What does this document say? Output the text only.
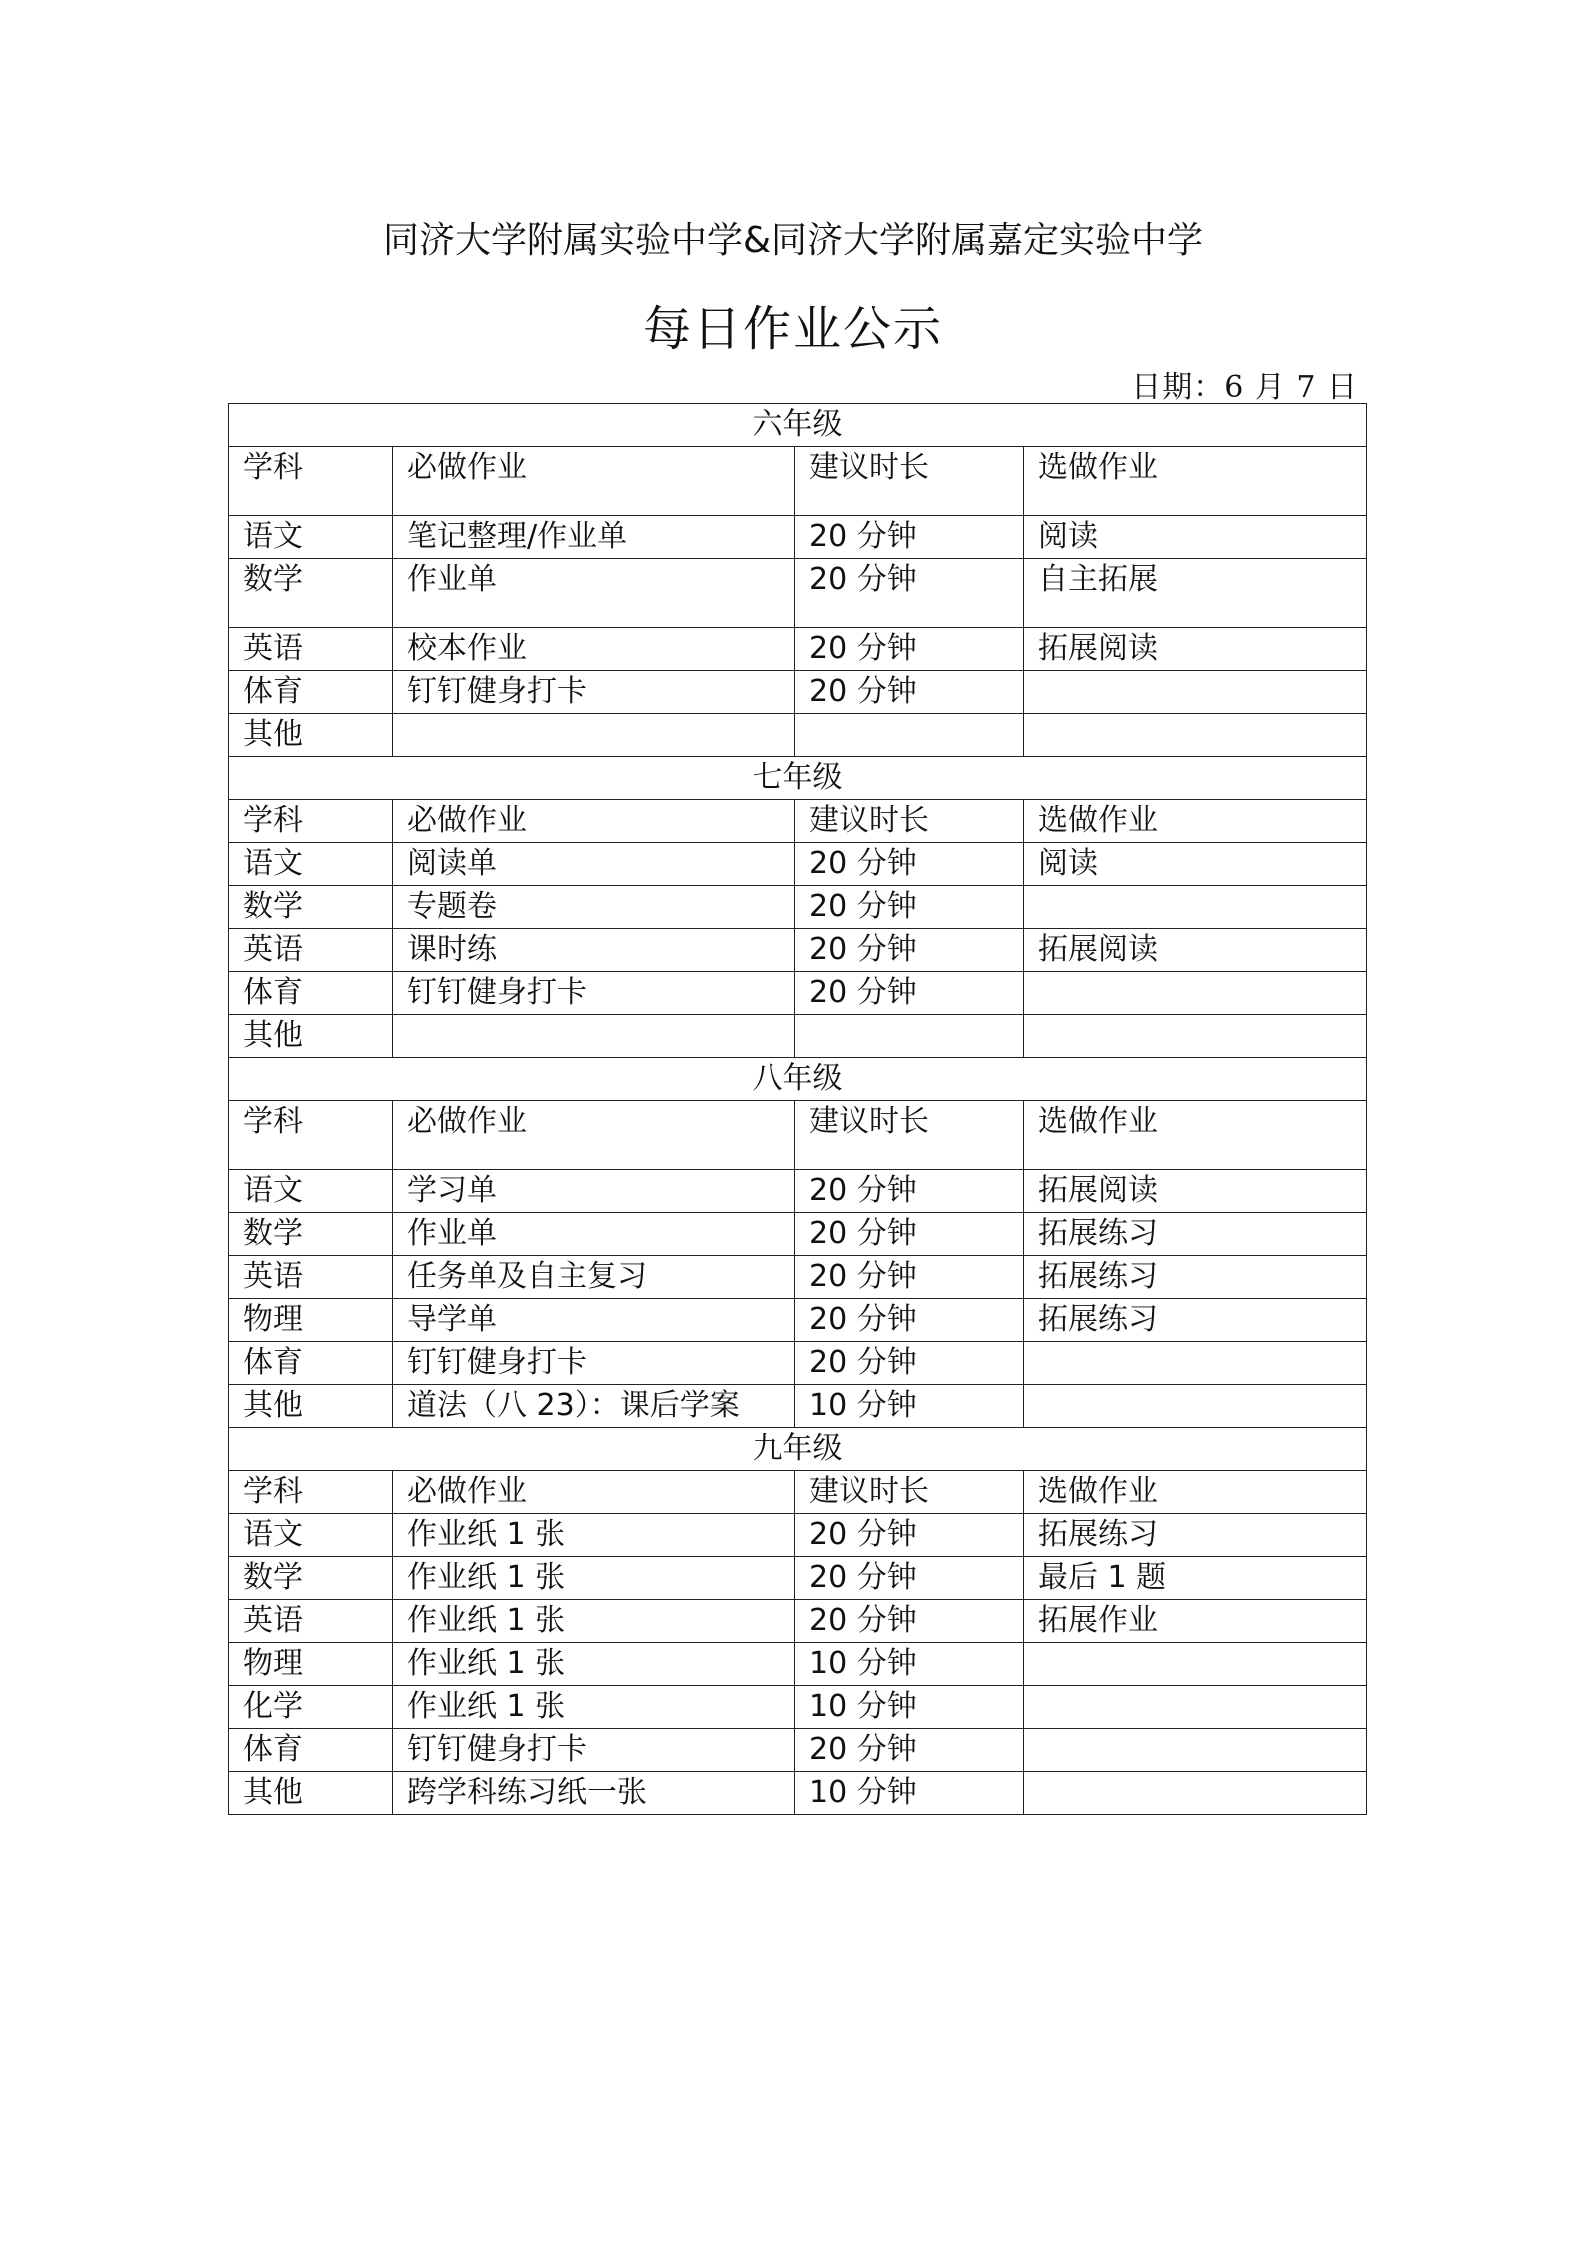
同济大学附属实验中学&同济大学附属嘉定实验中学
每日作业公示
日期：6 月 7 日
六年级			
学科	必做作业	建议时长	选做作业
语文	笔记整理/作业单	20 分钟	阅读
数学	作业单	20 分钟	自主拓展
英语	校本作业	20 分钟	拓展阅读
体育	钉钉健身打卡	20 分钟	
其他			
七年级			
学科	必做作业	建议时长	选做作业
语文	阅读单	20 分钟	阅读
数学	专题卷	20 分钟	
英语	课时练	20 分钟	拓展阅读
体育	钉钉健身打卡	20 分钟	
其他			
八年级			
学科	必做作业	建议时长	选做作业
语文	学习单	20 分钟	拓展阅读
数学	作业单	20 分钟	拓展练习
英语	任务单及自主复习	20 分钟	拓展练习
物理	导学单	20 分钟	拓展练习
体育	钉钉健身打卡	20 分钟	
其他	道法（八 23）：课后学案	10 分钟	
九年级			
学科	必做作业	建议时长	选做作业
语文	作业纸 1 张	20 分钟	拓展练习
数学	作业纸 1 张	20 分钟	最后 1 题
英语	作业纸 1 张	20 分钟	拓展作业
物理	作业纸 1 张	10 分钟	
化学	作业纸 1 张	10 分钟	
体育	钉钉健身打卡	20 分钟	
其他	跨学科练习纸一张	10 分钟	
